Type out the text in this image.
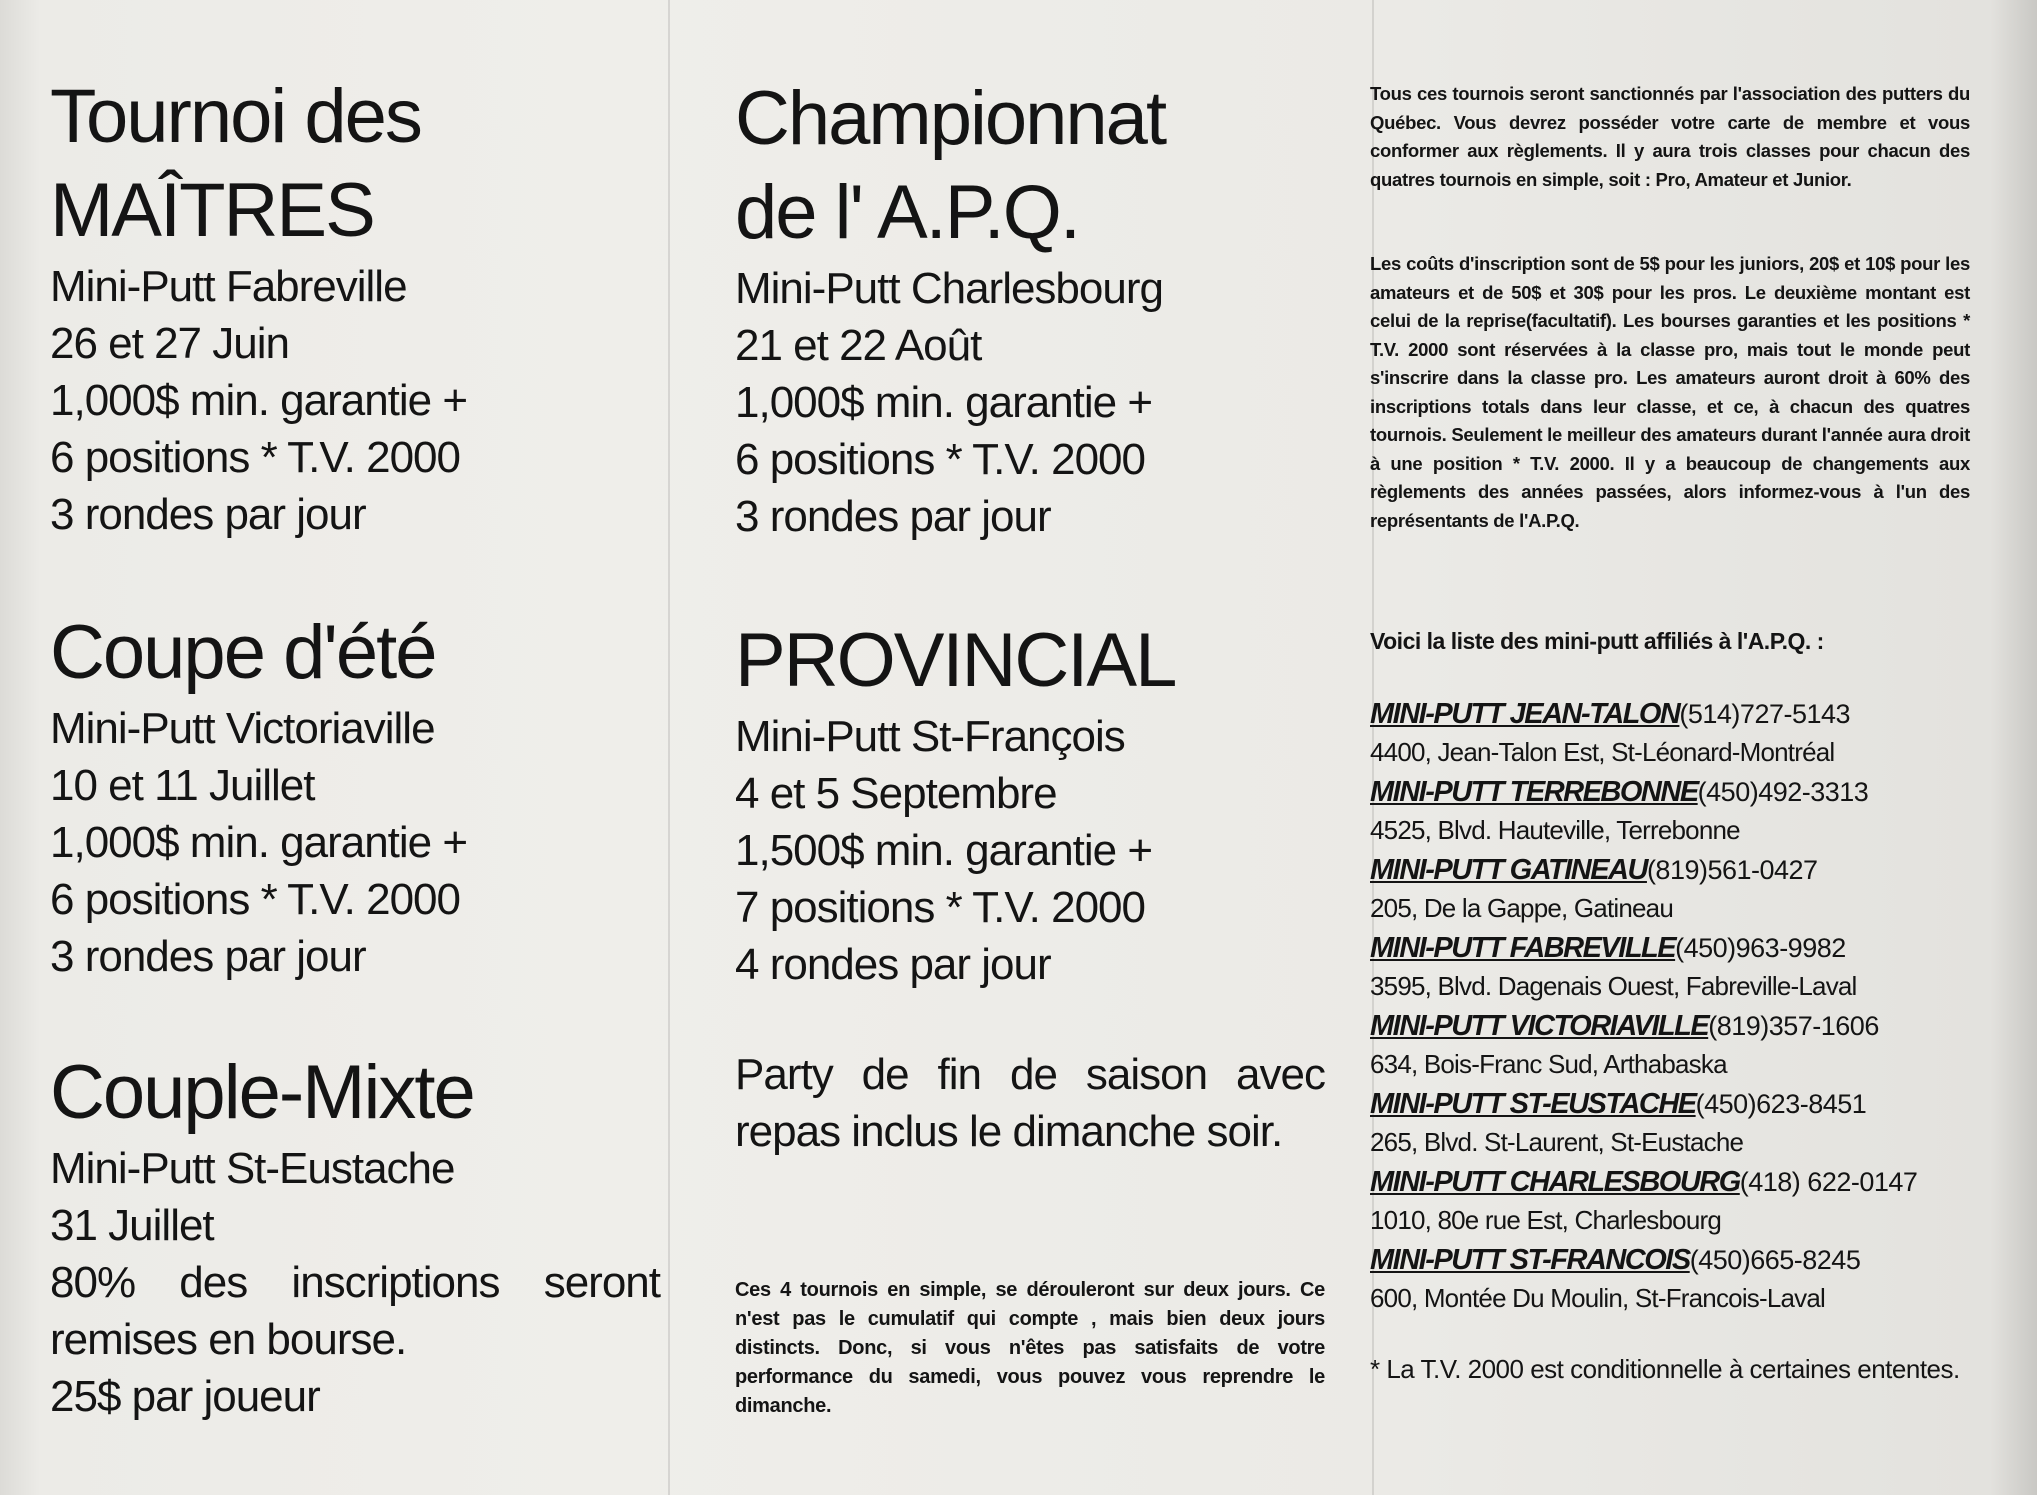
Tournoi des
MAÎTRES
Mini-Putt Fabreville
26 et 27 Juin
1,000$ min. garantie +
6 positions * T.V. 2000
3 rondes par jour
Coupe d'été
Mini-Putt Victoriaville
10 et 11 Juillet
1,000$ min. garantie +
6 positions * T.V. 2000
3 rondes par jour
Couple-Mixte
Mini-Putt St-Eustache
31 Juillet
80% des inscriptions seront remises en bourse.
25$ par joueur
Championnat
de l' A.P.Q.
Mini-Putt Charlesbourg
21 et 22 Août
1,000$ min. garantie +
6 positions * T.V. 2000
3 rondes par jour
PROVINCIAL
Mini-Putt St-François
4 et 5 Septembre
1,500$ min. garantie +
7 positions * T.V. 2000
4 rondes par jour
Party de fin de saison avec repas inclus le dimanche soir.
Ces 4 tournois en simple, se dérouleront sur deux jours. Ce n'est pas le cumulatif qui compte , mais bien deux jours distincts. Donc, si vous n'êtes pas satisfaits de votre performance du samedi, vous pouvez vous reprendre le dimanche.
Tous ces tournois seront sanctionnés par l'association des putters du Québec. Vous devrez posséder votre carte de membre et vous conformer aux règlements. Il y aura trois classes pour chacun des quatres tournois en simple, soit : Pro, Amateur et Junior.
Les coûts d'inscription sont de 5$ pour les juniors, 20$ et 10$ pour les amateurs et de 50$ et 30$ pour les pros. Le deuxième montant est celui de la reprise(facultatif). Les bourses garanties et les positions * T.V. 2000 sont réservées à la classe pro, mais tout le monde peut s'inscrire dans la classe pro. Les amateurs auront droit à 60% des inscriptions totals dans leur classe, et ce, à chacun des quatres tournois. Seulement le meilleur des amateurs durant l'année aura droit à une position * T.V. 2000. Il y a beaucoup de changements aux règlements des années passées, alors informez-vous à l'un des représentants de l'A.P.Q.
Voici la liste des mini-putt affiliés à l'A.P.Q. :
MINI-PUTT JEAN-TALON(514)727-5143
4400, Jean-Talon Est, St-Léonard-Montréal
MINI-PUTT TERREBONNE(450)492-3313
4525, Blvd. Hauteville, Terrebonne
MINI-PUTT GATINEAU(819)561-0427
205, De la Gappe, Gatineau
MINI-PUTT FABREVILLE(450)963-9982
3595, Blvd. Dagenais Ouest, Fabreville-Laval
MINI-PUTT VICTORIAVILLE(819)357-1606
634, Bois-Franc Sud, Arthabaska
MINI-PUTT ST-EUSTACHE(450)623-8451
265, Blvd. St-Laurent, St-Eustache
MINI-PUTT CHARLESBOURG(418) 622-0147
1010, 80e rue Est, Charlesbourg
MINI-PUTT ST-FRANCOIS(450)665-8245
600, Montée Du Moulin, St-Francois-Laval
* La T.V. 2000 est conditionnelle à certaines ententes.
